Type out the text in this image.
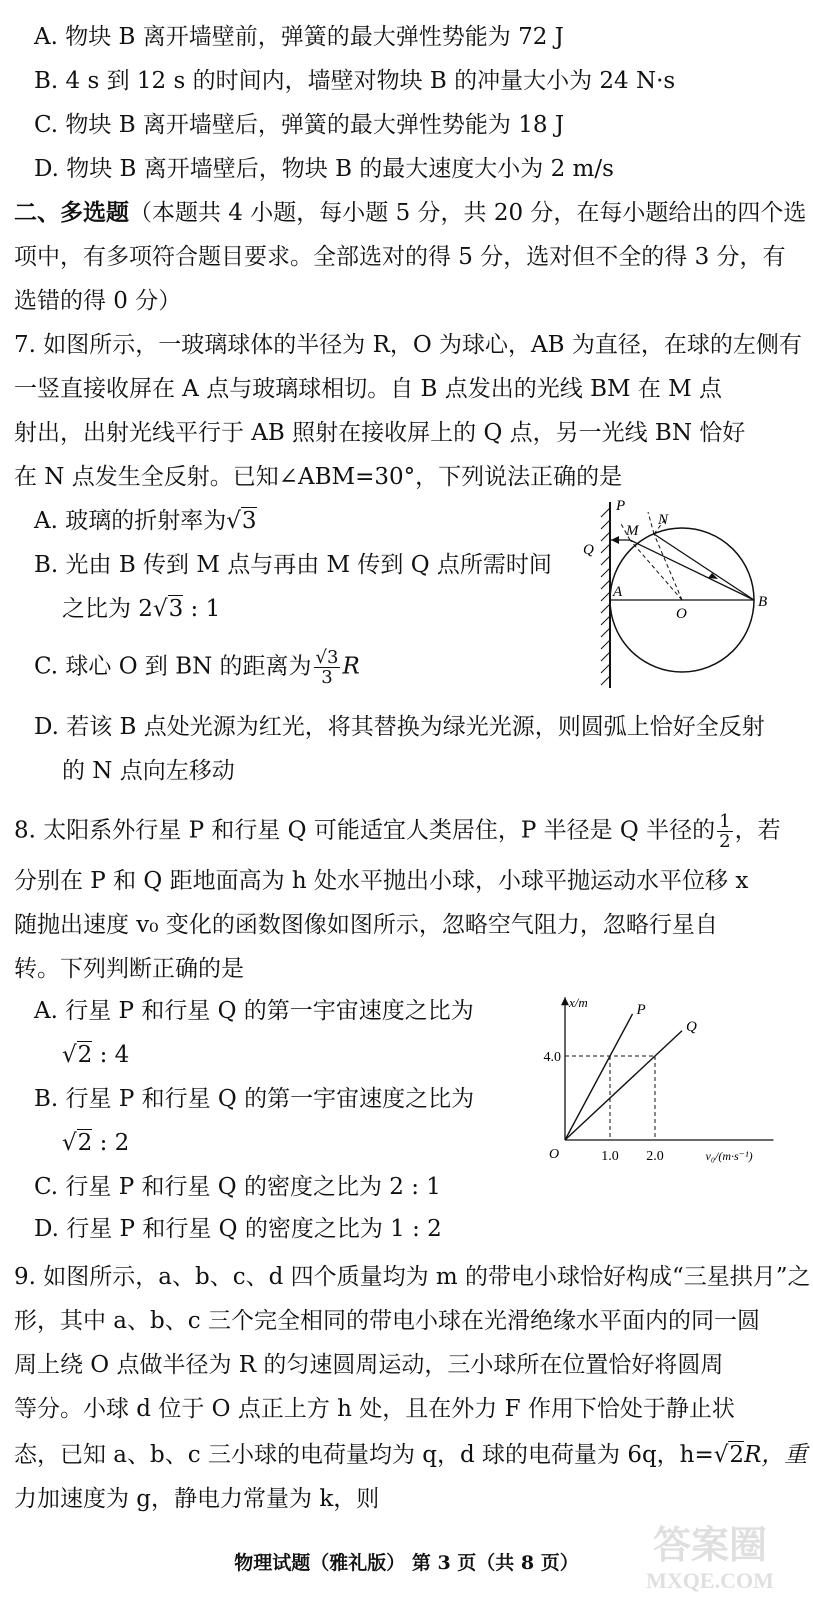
A. 物块 B 离开墙壁前，弹簧的最大弹性势能为 72 J
B. 4 s 到 12 s 的时间内，墙壁对物块 B 的冲量大小为 24 N·s
C. 物块 B 离开墙壁后，弹簧的最大弹性势能为 18 J
D. 物块 B 离开墙壁后，物块 B 的最大速度大小为 2 m/s
二、多选题（本题共 4 小题，每小题 5 分，共 20 分，在每小题给出的四个选
项中，有多项符合题目要求。全部选对的得 5 分，选对但不全的得 3 分，有
选错的得 0 分）
7. 如图所示，一玻璃球体的半径为 R，O 为球心，AB 为直径，在球的左侧有
一竖直接收屏在 A 点与玻璃球相切。自 B 点发出的光线 BM 在 M 点
射出，出射光线平行于 AB 照射在接收屏上的 Q 点，另一光线 BN 恰好
在 N 点发生全反射。已知∠ABM=30°，下列说法正确的是
A. 玻璃的折射率为√3
B. 光由 B 传到 M 点与再由 M 传到 Q 点所需时间
之比为 2√3 : 1
C. 球心 O 到 BN 的距离为 $\frac{√3}{3}$ R
D. 若该 B 点处光源为红光，将其替换为绿光光源，则圆弧上恰好全反射
的 N 点向左移动
P
N
M
Q
A
O
B
8. 太阳系外行星 P 和行星 Q 可能适宜人类居住，P 半径是 Q 半径的 $\frac{1}{2}$ ，若
分别在 P 和 Q 距地面高为 h 处水平抛出小球，小球平抛运动水平位移 x
随抛出速度 v₀ 变化的函数图像如图所示，忽略空气阻力，忽略行星自
转。下列判断正确的是
A. 行星 P 和行星 Q 的第一宇宙速度之比为
√2 : 4
B. 行星 P 和行星 Q 的第一宇宙速度之比为
√2 : 2
C. 行星 P 和行星 Q 的密度之比为 2 : 1
D. 行星 P 和行星 Q 的密度之比为 1 : 2
x/m
v₀/(m·s⁻¹)
O	1.0 2.0
4.0
P
Q
9. 如图所示，a、b、c、d 四个质量均为 m 的带电小球恰好构成“三星拱月”之
形，其中 a、b、c 三个完全相同的带电小球在光滑绝缘水平面内的同一圆
周上绕 O 点做半径为 R 的匀速圆周运动，三小球所在位置恰好将圆周
等分。小球 d 位于 O 点正上方 h 处，且在外力 F 作用下恰处于静止状
态，已知 a、b、c 三小球的电荷量均为 q，d 球的电荷量为 6q，h=√2R，重
力加速度为 g，静电力常量为 k，则
物理试题（雅礼版） 第 3 页（共 8 页）	答案圈
MXQE.COM
